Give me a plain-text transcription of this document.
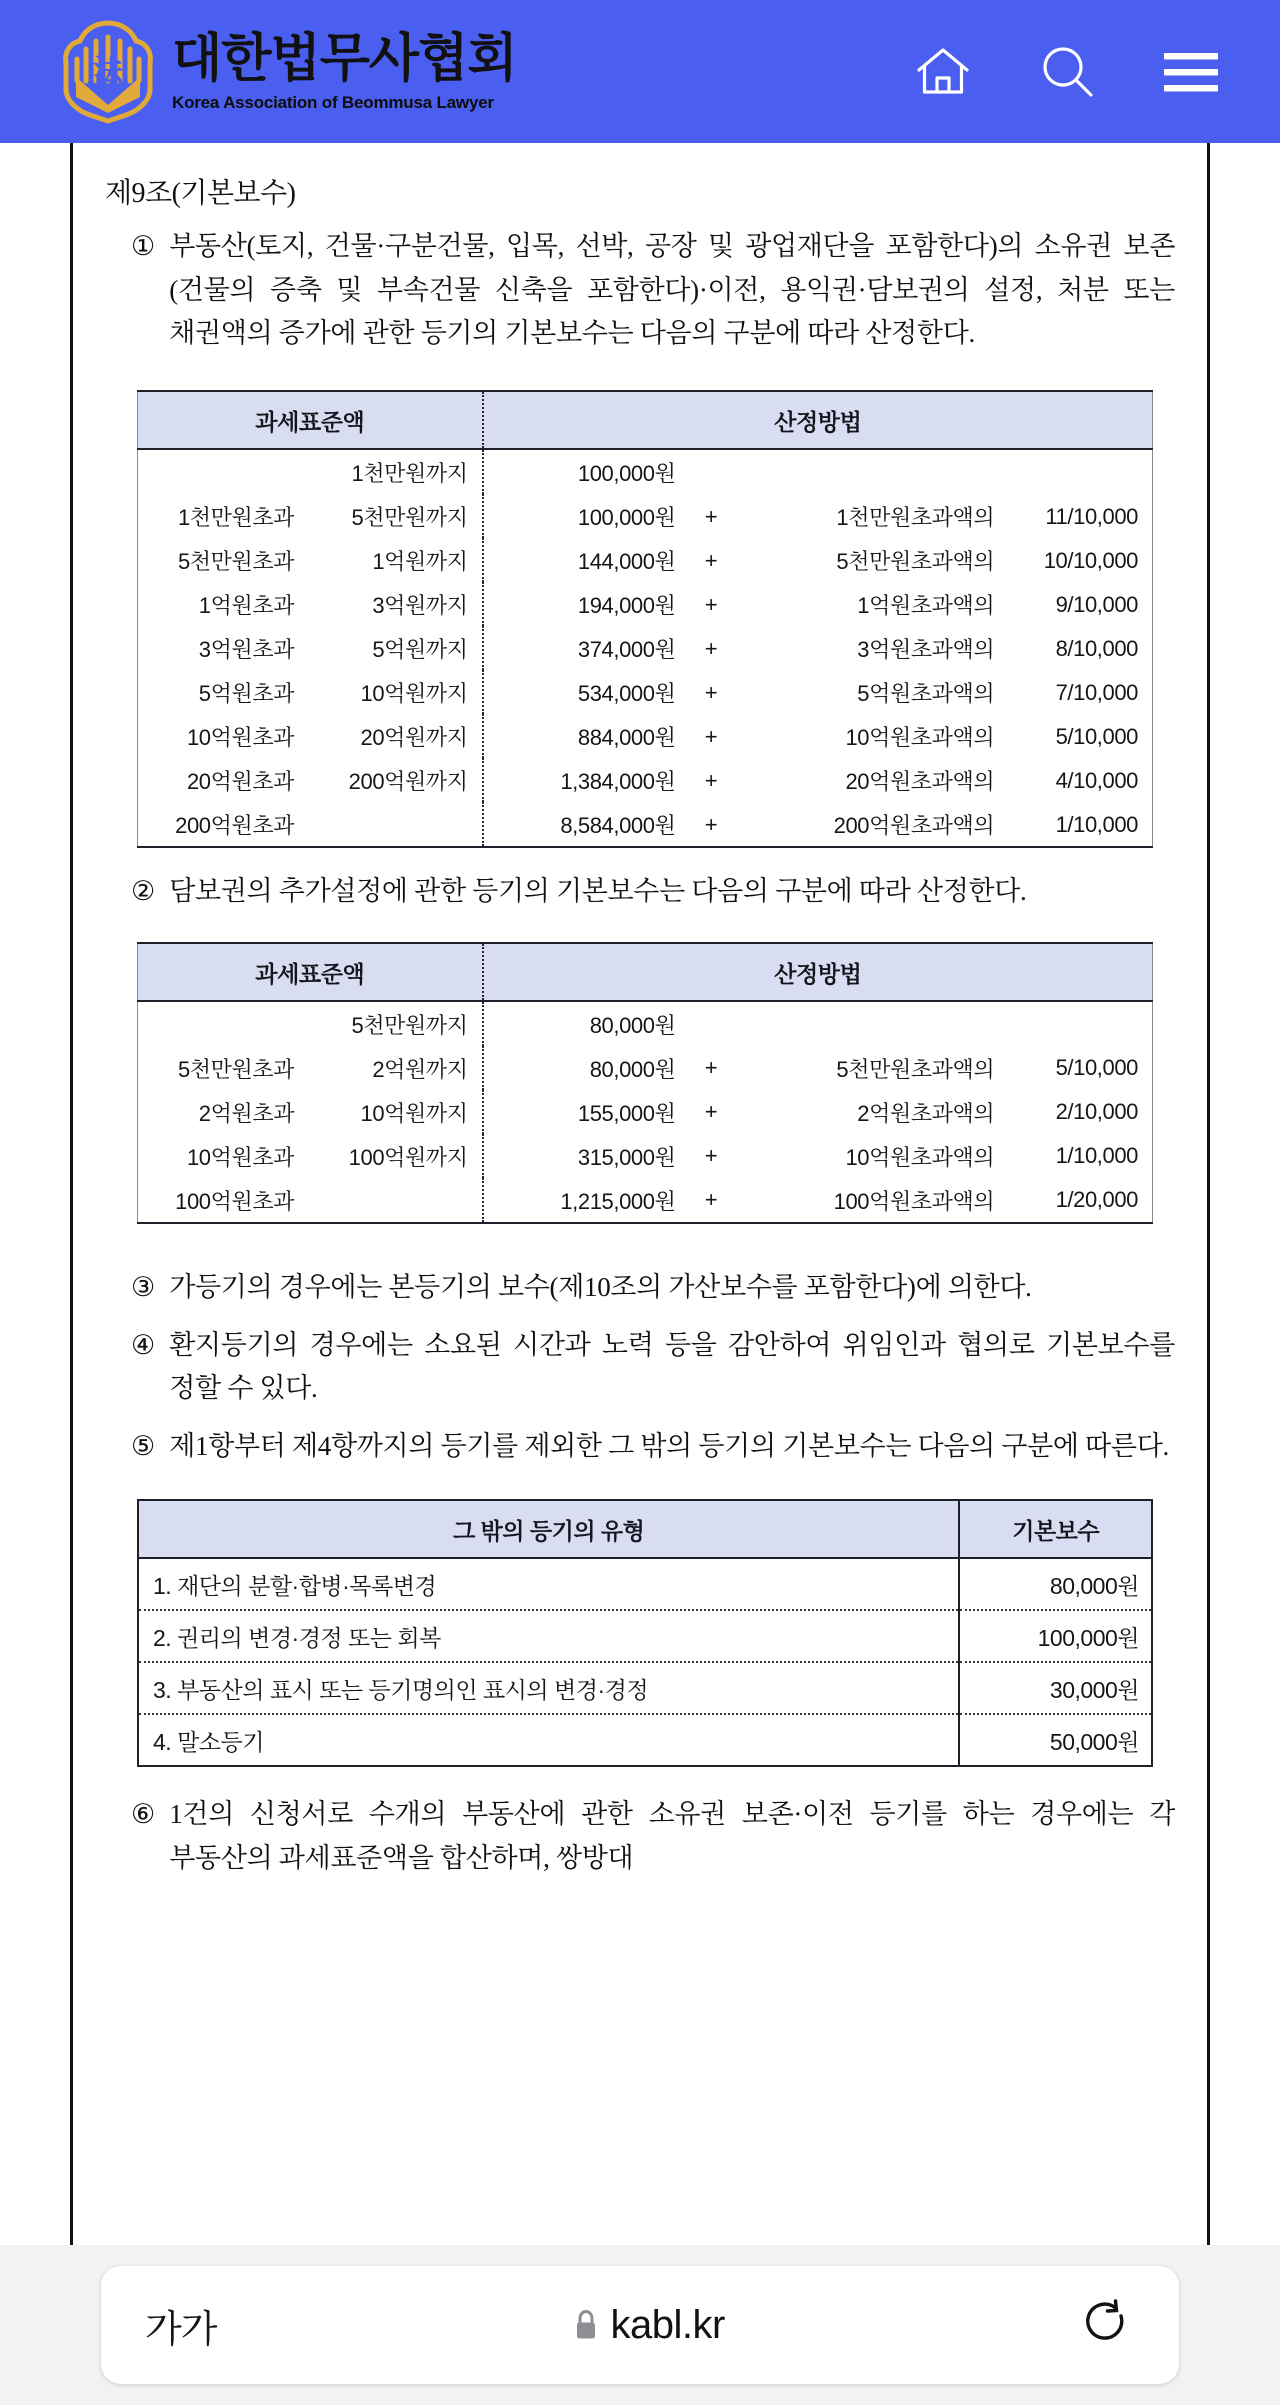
法 대한법무사협회
Korea Association of Beommusa Lawyer
제9조(기본보수)
① 부동산(토지, 건물·구분건물, 입목, 선박, 공장 및 광업재단을 포함한다)의 소유권 보존(건물의 증축 및 부속건물 신축을 포함한다)·이전, 용익권·담보권의 설정, 처분 또는 채권액의 증가에 관한 등기의 기본보수는 다음의 구분에 따라 산정한다.
과세표준액		산정방법			
	1천만원까지	100,000원			
1천만원초과	5천만원까지	100,000원	+	1천만원초과액의	11/10,000
5천만원초과	1억원까지	144,000원	+	5천만원초과액의	10/10,000
1억원초과	3억원까지	194,000원	+	1억원초과액의	9/10,000
3억원초과	5억원까지	374,000원	+	3억원초과액의	8/10,000
5억원초과	10억원까지	534,000원	+	5억원초과액의	7/10,000
10억원초과	20억원까지	884,000원	+	10억원초과액의	5/10,000
20억원초과	200억원까지	1,384,000원	+	20억원초과액의	4/10,000
200억원초과		8,584,000원	+	200억원초과액의	1/10,000
② 담보권의 추가설정에 관한 등기의 기본보수는 다음의 구분에 따라 산정한다.
과세표준액		산정방법			
	5천만원까지	80,000원			
5천만원초과	2억원까지	80,000원	+	5천만원초과액의	5/10,000
2억원초과	10억원까지	155,000원	+	2억원초과액의	2/10,000
10억원초과	100억원까지	315,000원	+	10억원초과액의	1/10,000
100억원초과		1,215,000원	+	100억원초과액의	1/20,000
③ 가등기의 경우에는 본등기의 보수(제10조의 가산보수를 포함한다)에 의한다.
④ 환지등기의 경우에는 소요된 시간과 노력 등을 감안하여 위임인과 협의로 기본보수를 정할 수 있다.
⑤ 제1항부터 제4항까지의 등기를 제외한 그 밖의 등기의 기본보수는 다음의 구분에 따른다.
그 밖의 등기의 유형	기본보수
1. 재단의 분할·합병·목록변경	80,000원
2. 권리의 변경·경정 또는 회복	100,000원
3. 부동산의 표시 또는 등기명의인 표시의 변경·경정	30,000원
4. 말소등기	50,000원
⑥ 1건의 신청서로 수개의 부동산에 관한 소유권 보존·이전 등기를 하는 경우에는 각 부동산의 과세표준액을 합산하며, 쌍방대
가가	kabl.kr
